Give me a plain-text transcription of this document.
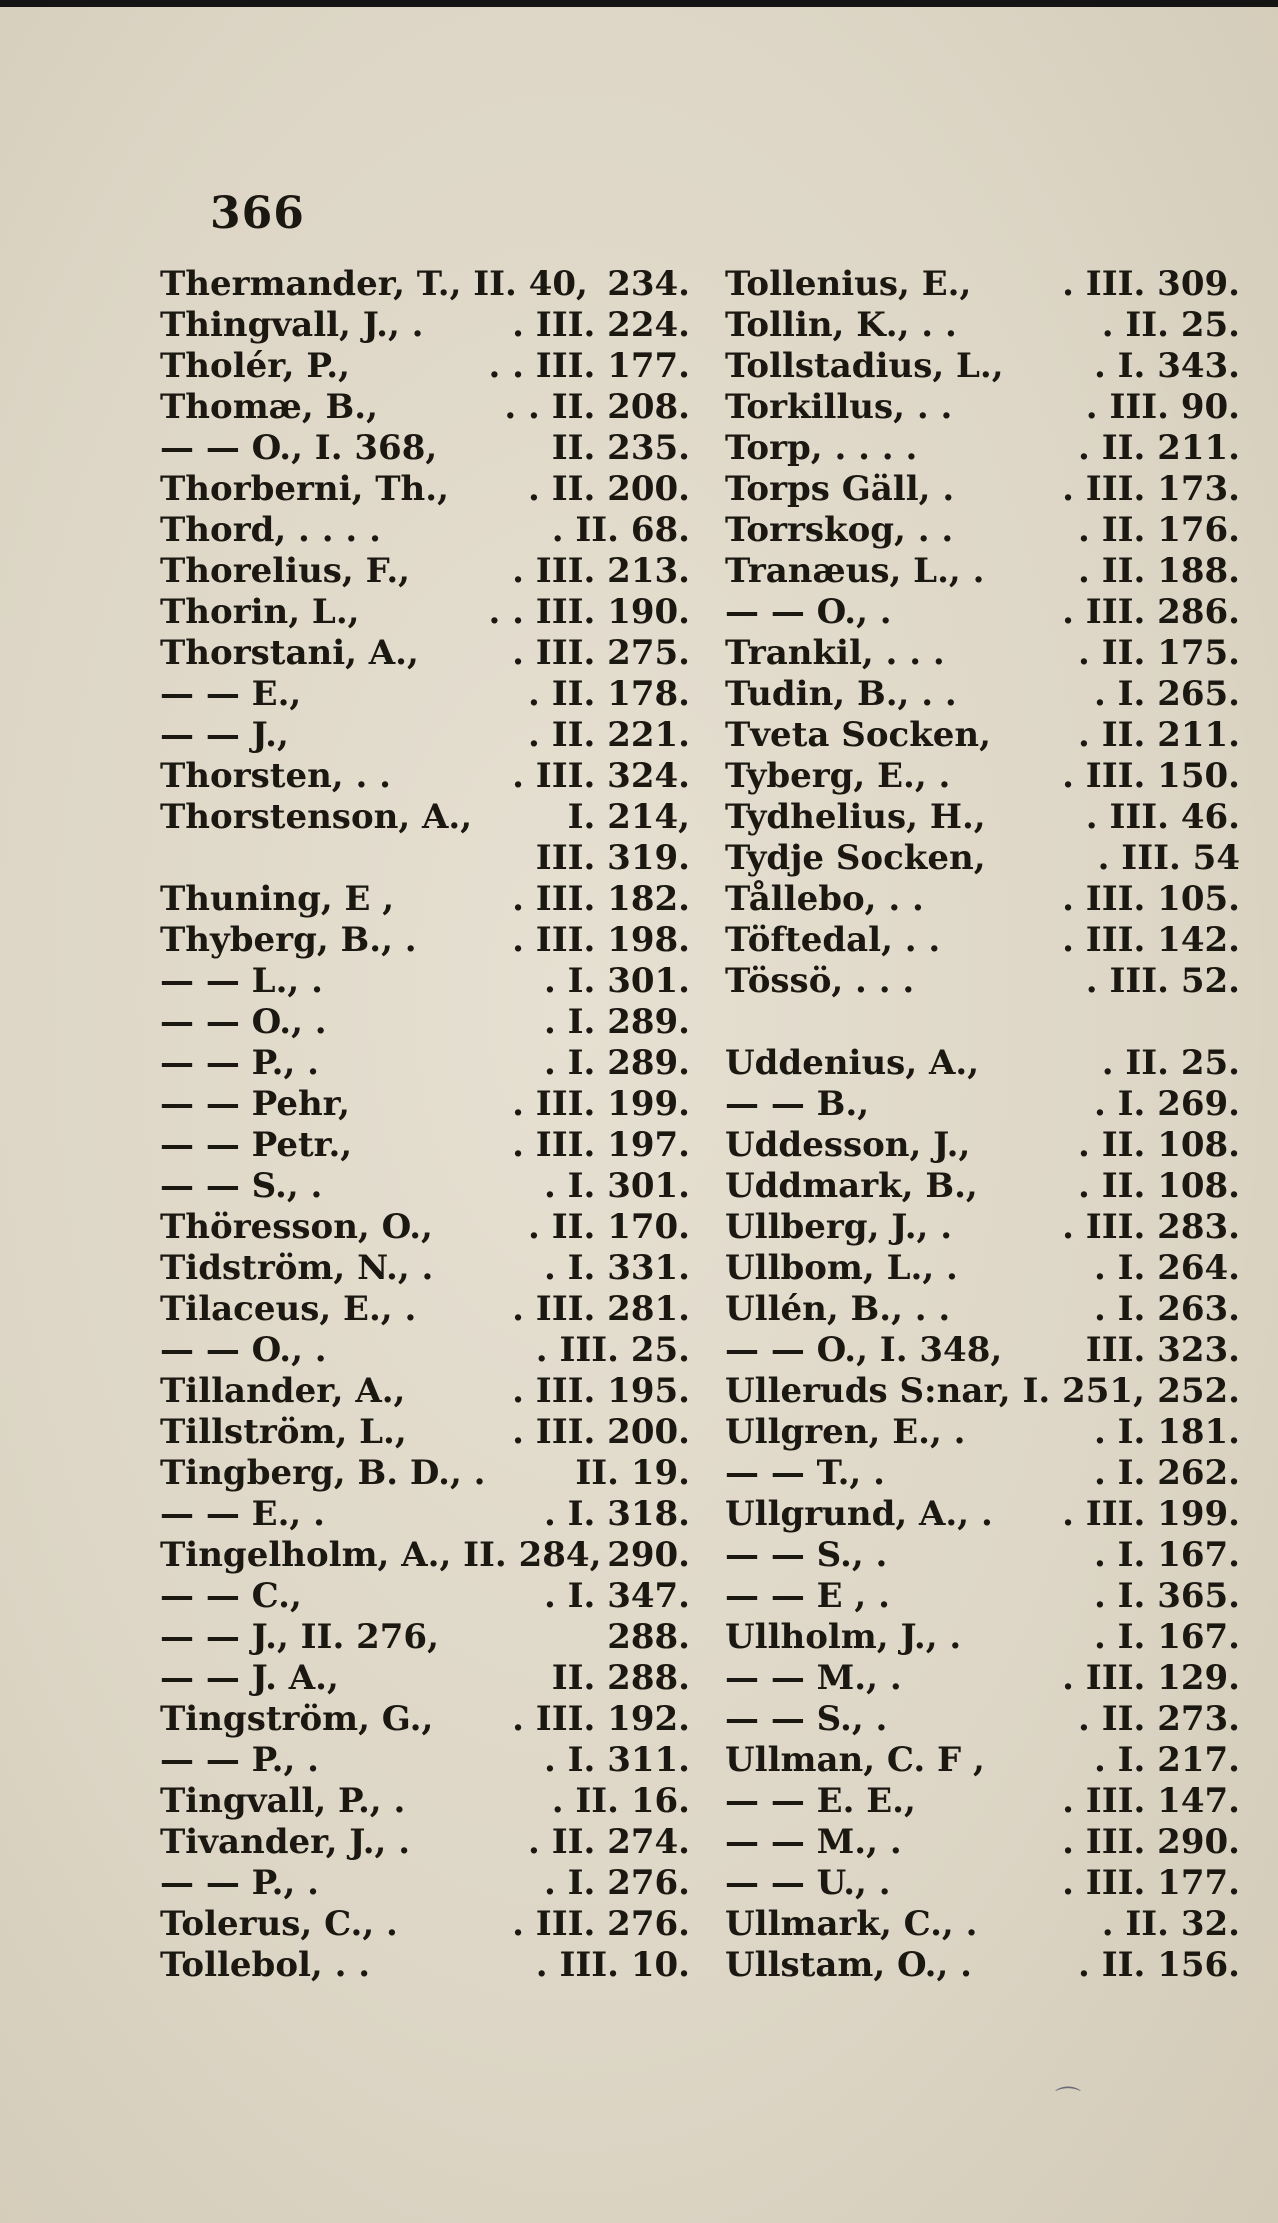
366
Thermander, T., II. 40, 234.
Thingvall, J., .	. III. 224.
Tholér, P.,	. . III. 177.
Thomæ, B.,	. . II. 208.
— — O., I. 368,	II. 235.
Thorberni, Th., . II. 200.
Thord, . . . .	. II. 68.
Thorelius, F.,	. III. 213.
Thorin, L.,	. . III. 190.
Thorstani, A.,	. III. 275.
— — E.,	. II. 178.
— — J.,	. II. 221.
Thorsten, . .	. III. 324.
Thorstenson, A.,	I. 214,
III. 319.
Thuning, E ,	. III. 182.
Thyberg, B., .	. III. 198.
— — L., .	. I. 301.
— — O., .	. I. 289.
— — P., .	. I. 289.
— — Pehr,	. III. 199.
— — Petr.,	. III. 197.
— — S., .	. I. 301.
Thöresson, O.,	. II. 170.
Tidström, N., .	. I. 331.
Tilaceus, E., .	. III. 281.
— — O., .	. III. 25.
Tillander, A.,	. III. 195.
Tillström, L.,	. III. 200.
Tingberg, B. D., .	II. 19.
— — E., .	. I. 318.
Tingelholm, A., II. 284, 290.
— — C.,	. I. 347.
— — J., II. 276,	288.
— — J. A.,	II. 288.
Tingström, G., . III. 192.
— — P., .	. I. 311.
Tingvall, P., .	. II. 16.
Tivander, J., .	. II. 274.
— — P., .	. I. 276.
Tolerus, C., .	. III. 276.
Tollebol, . .	. III. 10.
Tollenius, E.,	. III. 309.
Tollin, K., . .	. II. 25.
Tollstadius, L.,	. I. 343.
Torkillus, . .	. III. 90.
Torp, . . . .	. II. 211.
Torps Gäll, .	. III. 173.
Torrskog, . .	. II. 176.
Tranæus, L., .	. II. 188.
— — O., .	. III. 286.
Trankil, . . .	. II. 175.
Tudin, B., . .	. I. 265.
Tveta Socken,	. II. 211.
Tyberg, E., .	. III. 150.
Tydhelius, H.,	. III. 46.
Tydje Socken,	. III. 54
Tållebo, . .	. III. 105.
Töftedal, . .	. III. 142.
Tössö, . . .	. III. 52.
Uddenius, A.,	. II. 25.
— — B.,	. I. 269.
Uddesson, J.,	. II. 108.
Uddmark, B.,	. II. 108.
Ullberg, J., .	. III. 283.
Ullbom, L., .	. I. 264.
Ullén, B., . .	. I. 263.
— — O., I. 348, III. 323.
Ulleruds S:nar, I. 251, 252.
Ullgren, E., .	. I. 181.
— — T., .	. I. 262.
Ullgrund, A., . . III. 199.
— — S., .	. I. 167.
— — E , .	. I. 365.
Ullholm, J., .	. I. 167.
— — M., .	. III. 129.
— — S., .	. II. 273.
Ullman, C. F ,	. I. 217.
— — E. E.,	. III. 147.
— — M., .	. III. 290.
— — U., .	. III. 177.
Ullmark, C., .	. II. 32.
Ullstam, O., .	. II. 156.
⌒
